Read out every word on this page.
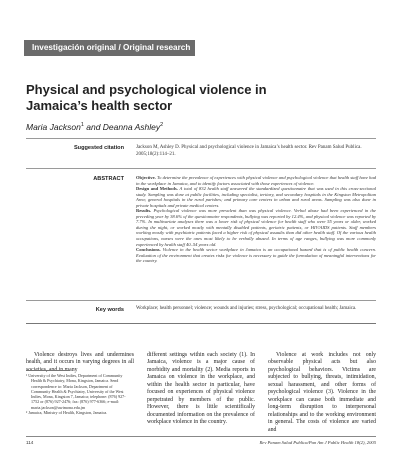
Investigación original / Original research
Physical and psychological violence in Jamaica’s health sector
Maria Jackson$^1$ and Deanna Ashley$^2$
Suggested citation Jackson M, Ashley D. Physical and psychological violence in Jamaica’s health sector. Rev Panam Salud Publica. 2005;18(2):114–21.
ABSTRACT	Objective. To determine the prevalence of experiences with physical violence and psychological violence that health staff have had in the workplace in Jamaica, and to identify factors associated with those experiences of violence.

Design and Methods. A total of 832 health staff answered the standardized questionnaire that was used in this cross-sectional study. Sampling was done at public facilities, including specialist, tertiary, and secondary hospitals in the Kingston Metropolitan Area; general hospitals in the rural parishes; and primary care centers in urban and rural areas. Sampling was also done in private hospitals and private medical centers.

Results. Psychological violence was more prevalent than was physical violence. Verbal abuse had been experienced in the preceding year by 38.6% of the questionnaire respondents, bullying was reported by 12.4%, and physical violence was reported by 7.7%. In multivariate analyses there was a lower risk of physical violence for health staff who were 55 years or older, worked during the night, or worked mostly with mentally disabled patients, geriatric patients, or HIV/AIDS patients. Staff members working mostly with psychiatric patients faced a higher risk of physical assaults than did other health staff. Of the various health occupations, nurses were the ones most likely to be verbally abused. In terms of age ranges, bullying was more commonly experienced by health staff 40–54 years old.

Conclusions. Violence in the health sector workplace in Jamaica is an occupational hazard that is of public health concern. Evaluation of the environment that creates risks for violence is necessary to guide the formulation of meaningful interventions for the country.

Key words Workplace; health personnel; violence; wounds and injuries; stress, psychological; occupational health; Jamaica.

Violence destroys lives and undermines health, and it occurs in varying degrees in all societies, and in many

¹ University of the West Indies, Department of Community Health & Psychiatry, Mona, Kingston, Jamaica. Send correspondence to: Maria Jackson, Department of Community Health & Psychiatry, University of the West Indies, Mona, Kingston 7, Jamaica; telephone: (876) 927-1752 or (876) 927-2476; fax: (876) 977-6366; e-mail: maria.jackson@uwimona.edu.jm

² Jamaica, Ministry of Health, Kingston, Jamaica.

different settings within each society (1). In Jamaica, violence is a major cause of morbidity and mortality (2). Media reports in Jamaica on violence in the workplace, and within the health sector in particular, have focused on experiences of physical violence perpetrated by members of the public. However, there is little scientifically documented information on the prevalence of workplace violence in the country.

Violence at work includes not only observable physical acts but also psychological behaviors. Victims are subjected to bullying, threats, intimidation, sexual harassment, and other forms of psychological violence (3). Violence in the workplace can cause both immediate and long-term disruption to interpersonal relationships and to the working environment in general. The costs of violence are varied and

114	Rev Panam Salud Publica/Pan Am J Public Health 18(2), 2005
